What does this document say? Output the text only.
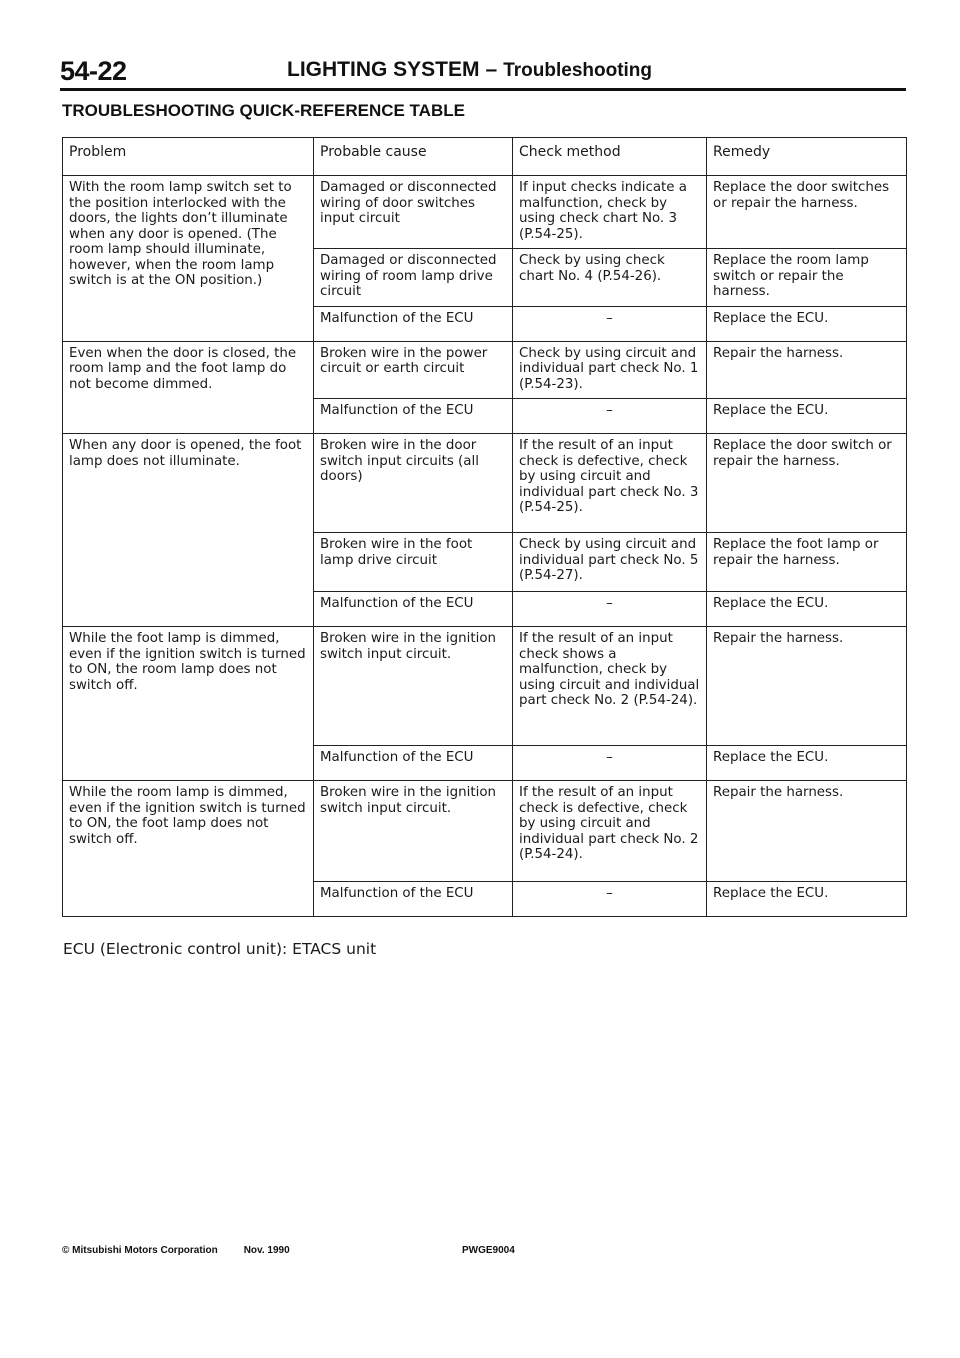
54-22	LIGHTING SYSTEM – Troubleshooting
TROUBLESHOOTING QUICK-REFERENCE TABLE
Problem	Probable cause	Check method	Remedy
With the room lamp switch set to the position interlocked with the doors, the lights don’t illuminate when any door is opened. (The room lamp should illuminate, however, when the room lamp switch is at the ON position.)	Damaged or disconnected wiring of door switches input circuit	If input checks indicate a malfunction, check by using check chart No. 3 (P.54-25).	Replace the door switches or repair the harness.
	Damaged or disconnected wiring of room lamp drive circuit	Check by using check chart No. 4 (P.54-26).	Replace the room lamp switch or repair the harness.
	Malfunction of the ECU	–	Replace the ECU.
Even when the door is closed, the room lamp and the foot lamp do not become dimmed.	Broken wire in the power circuit or earth circuit	Check by using circuit and individual part check No. 1 (P.54-23).	Repair the harness.
	Malfunction of the ECU	–	Replace the ECU.
When any door is opened, the foot lamp does not illuminate.	Broken wire in the door switch input circuits (all doors)	If the result of an input check is defective, check by using circuit and individual part check No. 3 (P.54-25).	Replace the door switch or repair the harness.
	Broken wire in the foot lamp drive circuit	Check by using circuit and individual part check No. 5 (P.54-27).	Replace the foot lamp or repair the harness.
	Malfunction of the ECU	–	Replace the ECU.
While the foot lamp is dimmed, even if the ignition switch is turned to ON, the room lamp does not switch off.	Broken wire in the ignition switch input circuit.	If the result of an input check shows a malfunction, check by using circuit and individual part check No. 2 (P.54-24).	Repair the harness.
	Malfunction of the ECU	–	Replace the ECU.
While the room lamp is dimmed, even if the ignition switch is turned to ON, the foot lamp does not switch off.	Broken wire in the ignition switch input circuit.	If the result of an input check is defective, check by using circuit and individual part check No. 2 (P.54-24).	Repair the harness.
	Malfunction of the ECU	–	Replace the ECU.
ECU (Electronic control unit): ETACS unit
© Mitsubishi Motors Corporation	Nov. 1990	PWGE9004
